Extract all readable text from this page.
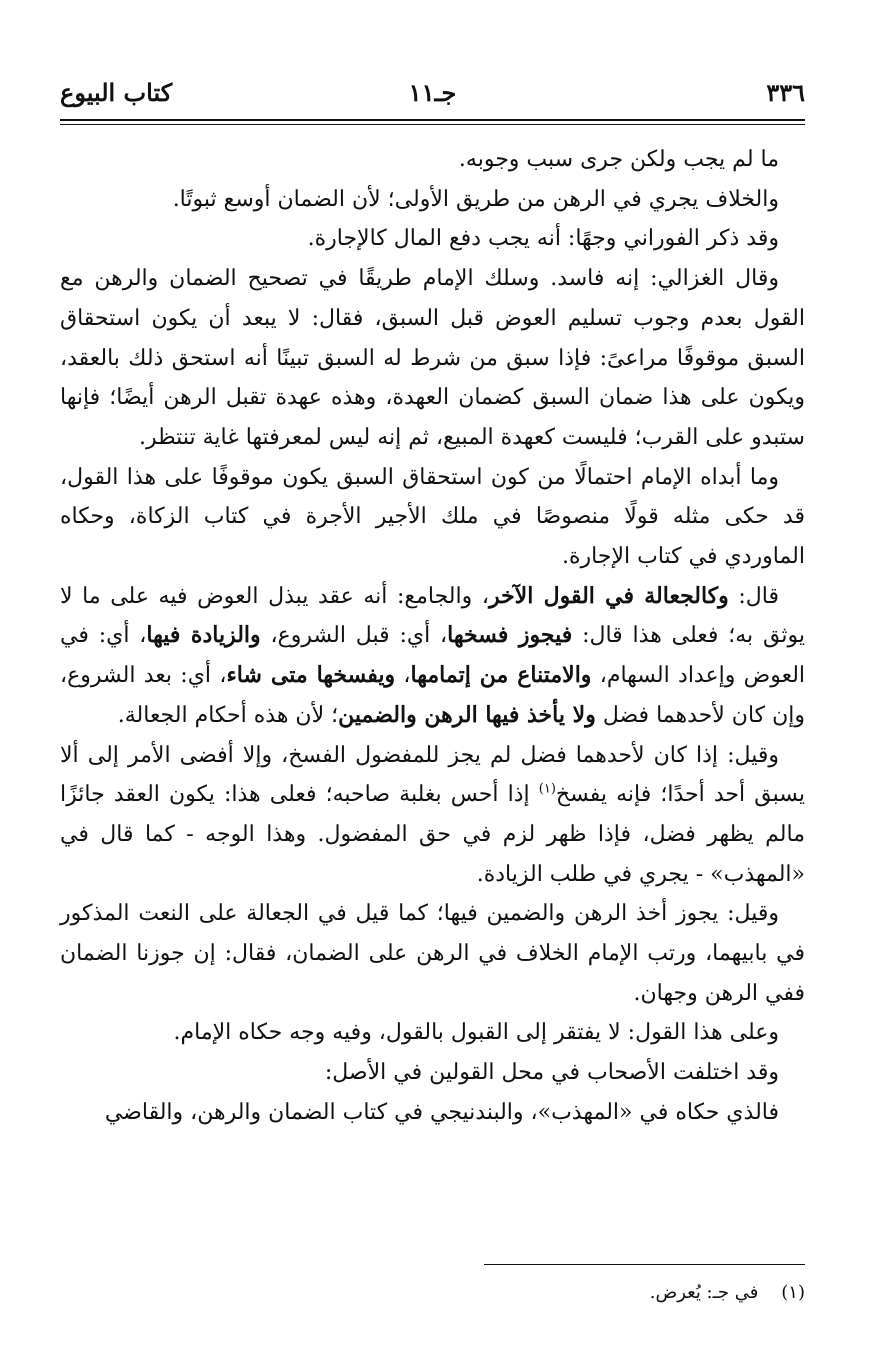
٣٣٦
جـ١١
كتاب البيوع

ما لم يجب ولكن جرى سبب وجوبه.

والخلاف يجري في الرهن من طريق الأولى؛ لأن الضمان أوسع ثبوتًا.

وقد ذكر الفوراني وجهًا: أنه يجب دفع المال كالإجارة.

وقال الغزالي: إنه فاسد. وسلك الإمام طريقًا في تصحيح الضمان والرهن مع القول بعدم وجوب تسليم العوض قبل السبق، فقال: لا يبعد أن يكون استحقاق السبق موقوفًا مراعىً: فإذا سبق من شرط له السبق تبينًا أنه استحق ذلك بالعقد، ويكون على هذا ضمان السبق كضمان العهدة، وهذه عهدة تقبل الرهن أيضًا؛ فإنها ستبدو على القرب؛ فليست كعهدة المبيع، ثم إنه ليس لمعرفتها غاية تنتظر.

وما أبداه الإمام احتمالًا من كون استحقاق السبق يكون موقوفًا على هذا القول، قد حكى مثله قولًا منصوصًا في ملك الأجير الأجرة في كتاب الزكاة، وحكاه الماوردي في كتاب الإجارة.

قال: وكالجعالة في القول الآخر، والجامع: أنه عقد يبذل العوض فيه على ما لا يوثق به؛ فعلى هذا قال: فيجوز فسخها، أي: قبل الشروع، والزيادة فيها، أي: في العوض وإعداد السهام، والامتناع من إتمامها، ويفسخها متى شاء، أي: بعد الشروع، وإن كان لأحدهما فضل ولا يأخذ فيها الرهن والضمين؛ لأن هذه أحكام الجعالة.

وقيل: إذا كان لأحدهما فضل لم يجز للمفضول الفسخ، وإلا أفضى الأمر إلى ألا يسبق أحد أحدًا؛ فإنه يفسخ$^{(١)}$ إذا أحس بغلبة صاحبه؛ فعلى هذا: يكون العقد جائزًا مالم يظهر فضل، فإذا ظهر لزم في حق المفضول. وهذا الوجه - كما قال في «المهذب» - يجري في طلب الزيادة.

وقيل: يجوز أخذ الرهن والضمين فيها؛ كما قيل في الجعالة على النعت المذكور في بابيهما، ورتب الإمام الخلاف في الرهن على الضمان، فقال: إن جوزنا الضمان ففي الرهن وجهان.

وعلى هذا القول: لا يفتقر إلى القبول بالقول، وفيه وجه حكاه الإمام.

وقد اختلفت الأصحاب في محل القولين في الأصل:

فالذي حكاه في «المهذب»، والبندنيجي في كتاب الضمان والرهن، والقاضي

(١)    في جـ: يُعرض.
